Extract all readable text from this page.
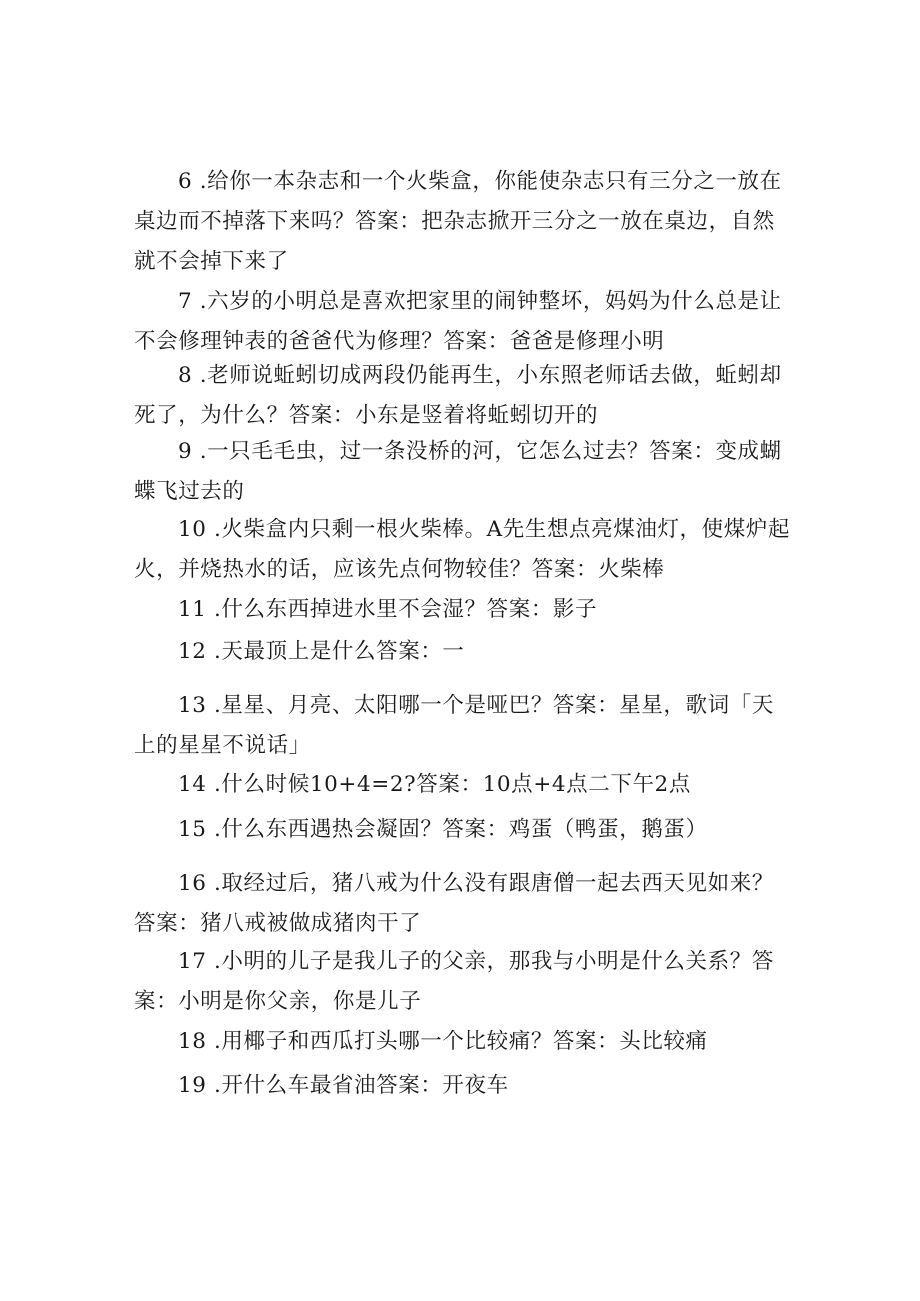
6 .给你一本杂志和一个火柴盒，你能使杂志只有三分之一放在桌边而不掉落下来吗？答案：把杂志掀开三分之一放在桌边，自然就不会掉下来了

7 .六岁的小明总是喜欢把家里的闹钟整坏，妈妈为什么总是让不会修理钟表的爸爸代为修理？答案：爸爸是修理小明

8 .老师说蚯蚓切成两段仍能再生，小东照老师话去做，蚯蚓却死了，为什么？答案：小东是竖着将蚯蚓切开的

9 .一只毛毛虫，过一条没桥的河，它怎么过去？答案：变成蝴蝶飞过去的

10 .火柴盒内只剩一根火柴棒。A先生想点亮煤油灯，使煤炉起火，并烧热水的话，应该先点何物较佳？答案：火柴棒

11 .什么东西掉进水里不会湿？答案：影子

12 .天最顶上是什么答案：一

13 .星星、月亮、太阳哪一个是哑巴？答案：星星，歌词「天上的星星不说话」

14 .什么时候10+4=2?答案：10点+4点二下午2点

15 .什么东西遇热会凝固？答案：鸡蛋（鸭蛋，鹅蛋）

16 .取经过后，猪八戒为什么没有跟唐僧一起去西天见如来？答案：猪八戒被做成猪肉干了

17 .小明的儿子是我儿子的父亲，那我与小明是什么关系？答案：小明是你父亲，你是儿子

18 .用椰子和西瓜打头哪一个比较痛？答案：头比较痛

19 .开什么车最省油答案：开夜车
